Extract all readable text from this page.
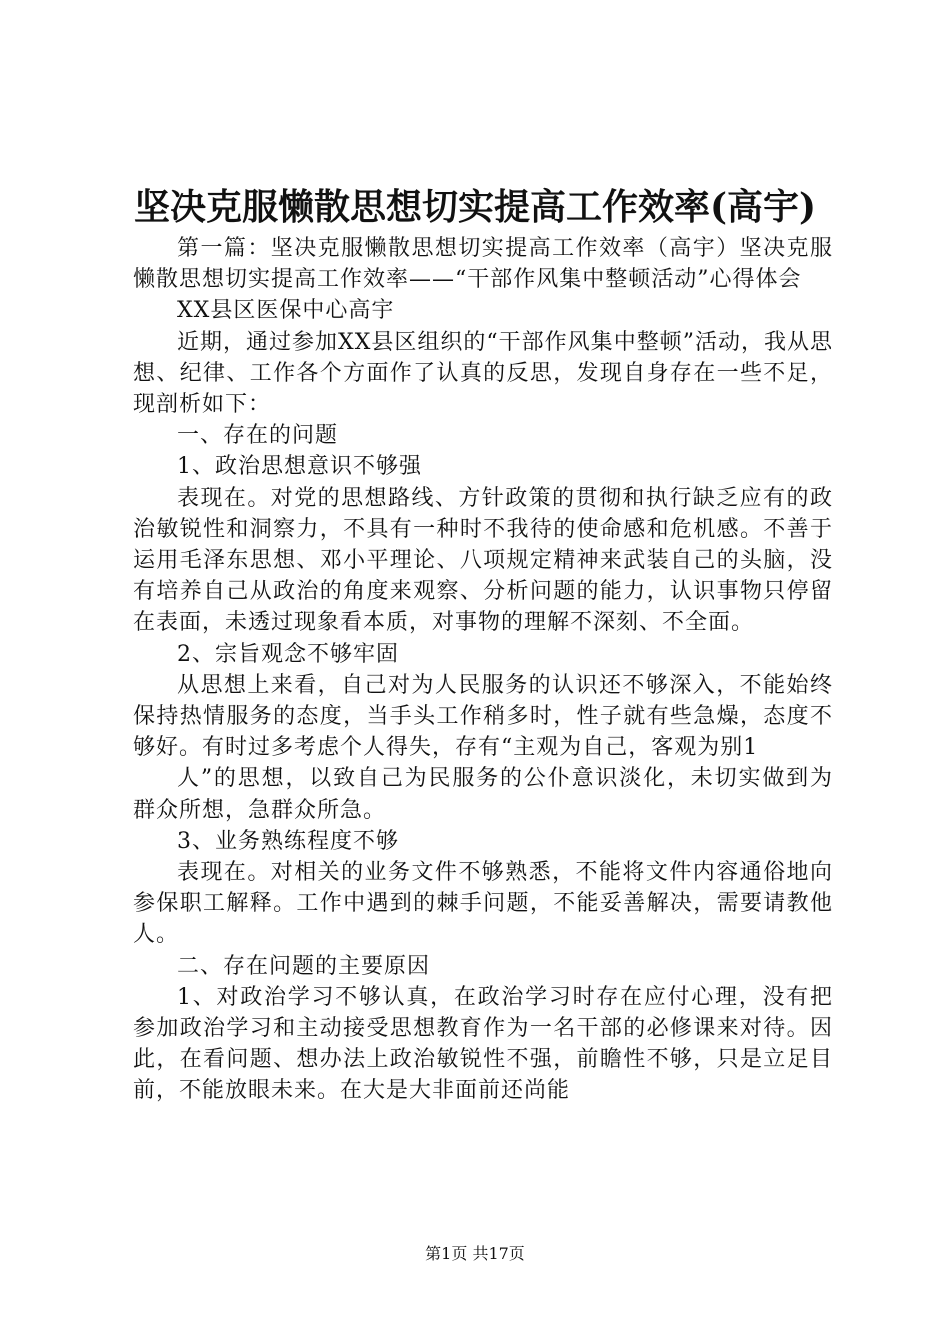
坚决克服懒散思想切实提高工作效率(高宇)

第一篇：坚决克服懒散思想切实提高工作效率（高宇）坚决克服懒散思想切实提高工作效率——“干部作风集中整顿活动”心得体会

XX县区医保中心高宇

近期，通过参加XX县区组织的“干部作风集中整顿”活动，我从思想、纪律、工作各个方面作了认真的反思，发现自身存在一些不足，现剖析如下：

一、存在的问题

1、政治思想意识不够强

表现在。对党的思想路线、方针政策的贯彻和执行缺乏应有的政治敏锐性和洞察力，不具有一种时不我待的使命感和危机感。不善于运用毛泽东思想、邓小平理论、八项规定精神来武装自己的头脑，没有培养自己从政治的角度来观察、分析问题的能力，认识事物只停留在表面，未透过现象看本质，对事物的理解不深刻、不全面。

2、宗旨观念不够牢固

从思想上来看，自己对为人民服务的认识还不够深入，不能始终保持热情服务的态度，当手头工作稍多时，性子就有些急燥，态度不够好。有时过多考虑个人得失，存有“主观为自己，客观为别1

人”的思想，以致自己为民服务的公仆意识淡化，未切实做到为群众所想，急群众所急。

3、业务熟练程度不够

表现在。对相关的业务文件不够熟悉，不能将文件内容通俗地向参保职工解释。工作中遇到的棘手问题，不能妥善解决，需要请教他人。

二、存在问题的主要原因

1、对政治学习不够认真，在政治学习时存在应付心理，没有把参加政治学习和主动接受思想教育作为一名干部的必修课来对待。因此，在看问题、想办法上政治敏锐性不强，前瞻性不够，只是立足目前，不能放眼未来。在大是大非面前还尚能

第1页 共17页
